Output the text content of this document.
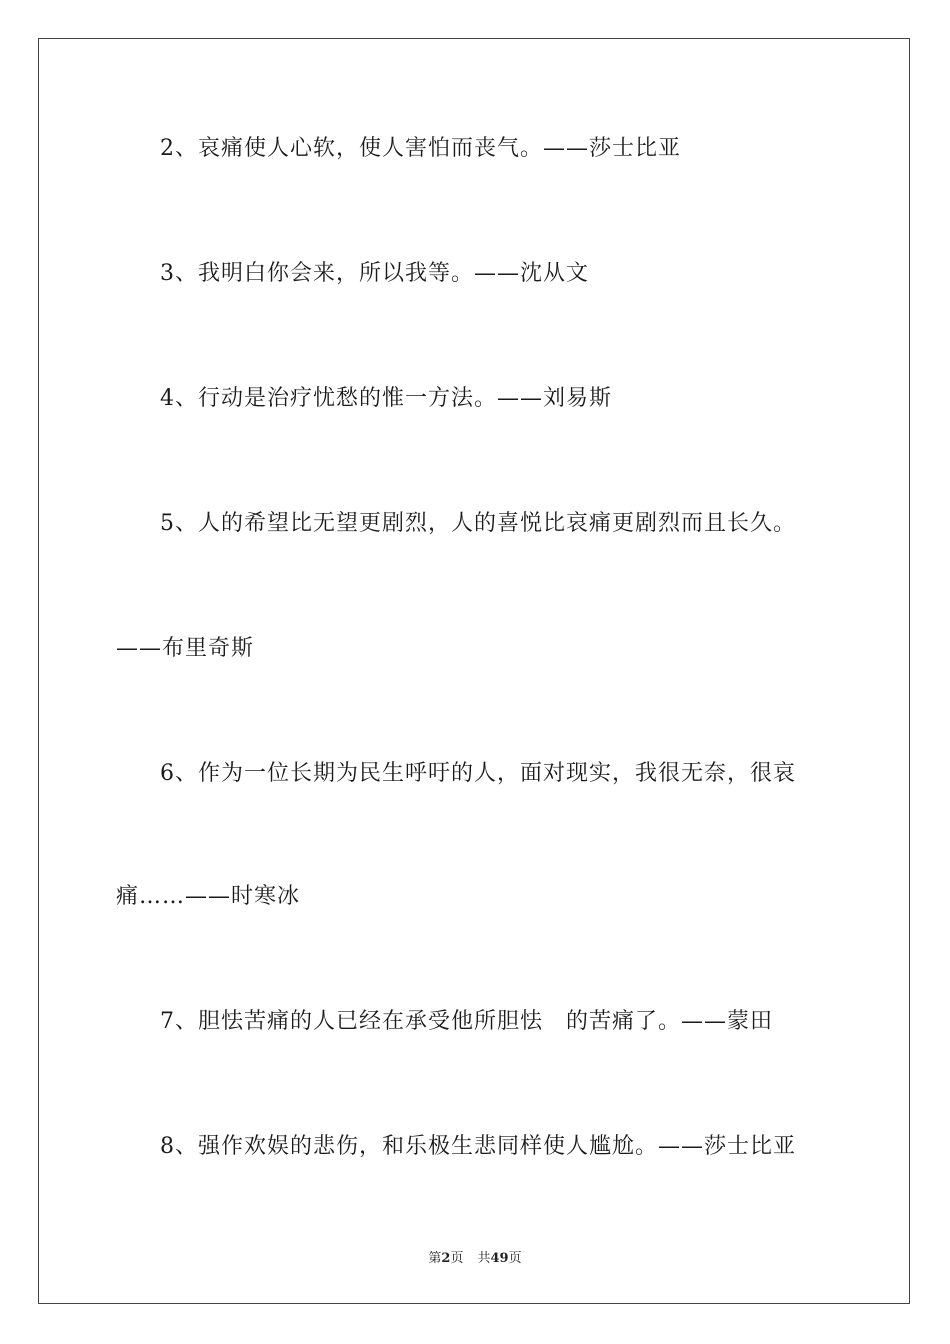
2、哀痛使人心软，使人害怕而丧气。——莎士比亚
3、我明白你会来，所以我等。——沈从文
4、行动是治疗忧愁的惟一方法。——刘易斯
5、人的希望比无望更剧烈，人的喜悦比哀痛更剧烈而且长久。
——布里奇斯
6、作为一位长期为民生呼吁的人，面对现实，我很无奈，很哀
痛……——时寒冰
7、胆怯苦痛的人已经在承受他所胆怯　的苦痛了。——蒙田
8、强作欢娱的悲伤，和乐极生悲同样使人尴尬。——莎士比亚
第2页 共49页
